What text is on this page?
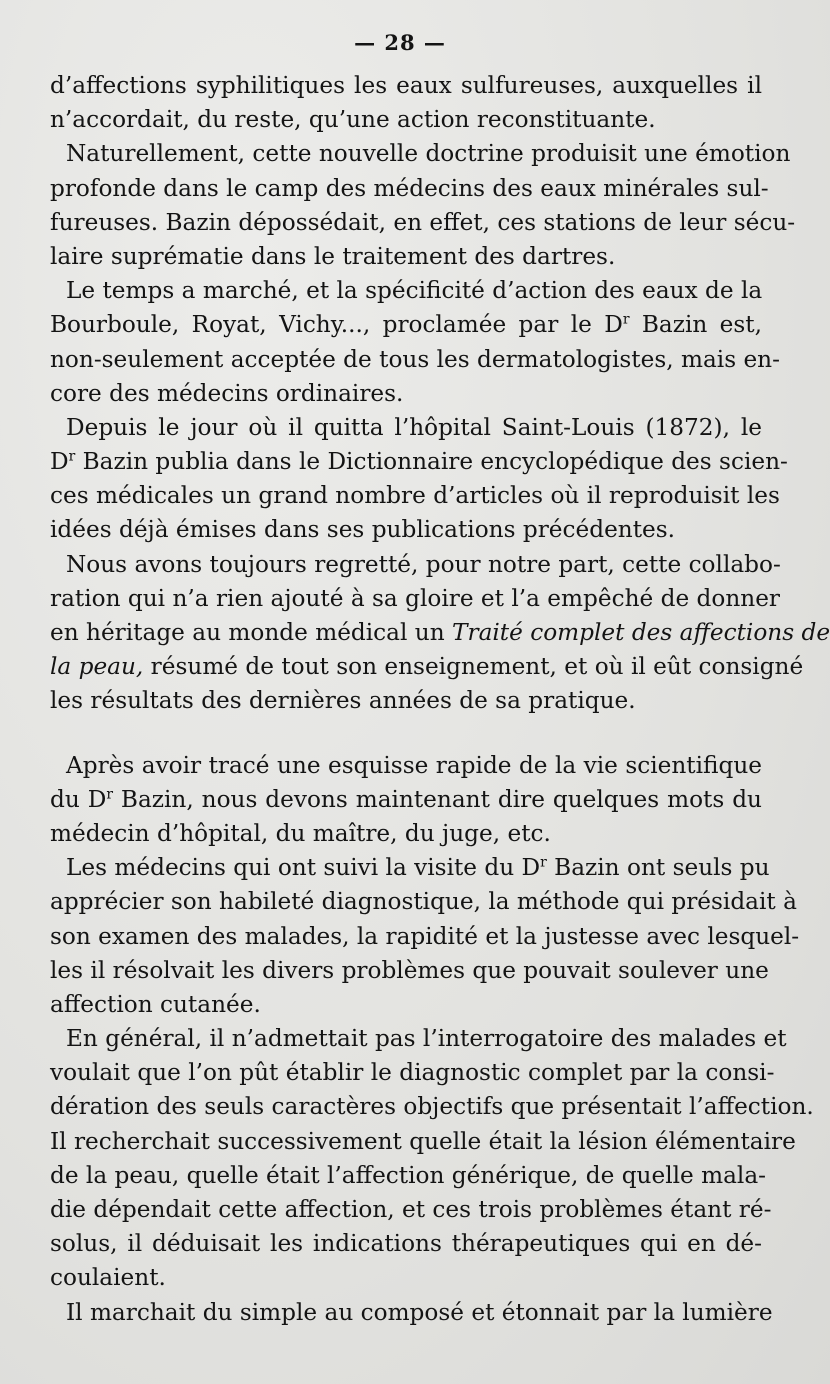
— 28 —
d’affections syphilitiques les eaux sulfureuses, auxquelles il
n’accordait, du reste, qu’une action reconstituante.
Naturellement, cette nouvelle doctrine produisit une émotion
profonde dans le camp des médecins des eaux minérales sul-
fureuses. Bazin dépossédait, en effet, ces stations de leur sécu-
laire suprématie dans le traitement des dartres.
Le temps a marché, et la spécificité d’action des eaux de la
Bourboule, Royat, Vichy..., proclamée par le $D^r$ Bazin est,
non-seulement acceptée de tous les dermatologistes, mais en-
core des médecins ordinaires.
Depuis le jour où il quitta l’hôpital Saint-Louis (1872), le
$D^r$ Bazin publia dans le Dictionnaire encyclopédique des scien-
ces médicales un grand nombre d’articles où il reproduisit les
idées déjà émises dans ses publications précédentes.
Nous avons toujours regretté, pour notre part, cette collabo-
ration qui n’a rien ajouté à sa gloire et l’a empêché de donner
en héritage au monde médical un Traité complet des affections de
la peau, résumé de tout son enseignement, et où il eût consigné
les résultats des dernières années de sa pratique.
Après avoir tracé une esquisse rapide de la vie scientifique
du $D^r$ Bazin, nous devons maintenant dire quelques mots du
médecin d’hôpital, du maître, du juge, etc.
Les médecins qui ont suivi la visite du $D^r$ Bazin ont seuls pu
apprécier son habileté diagnostique, la méthode qui présidait à
son examen des malades, la rapidité et la justesse avec lesquel-
les il résolvait les divers problèmes que pouvait soulever une
affection cutanée.
En général, il n’admettait pas l’interrogatoire des malades et
voulait que l’on pût établir le diagnostic complet par la consi-
dération des seuls caractères objectifs que présentait l’affection.
Il recherchait successivement quelle était la lésion élémentaire
de la peau, quelle était l’affection générique, de quelle mala-
die dépendait cette affection, et ces trois problèmes étant ré-
solus, il déduisait les indications thérapeutiques qui en dé-
coulaient.
Il marchait du simple au composé et étonnait par la lumière
